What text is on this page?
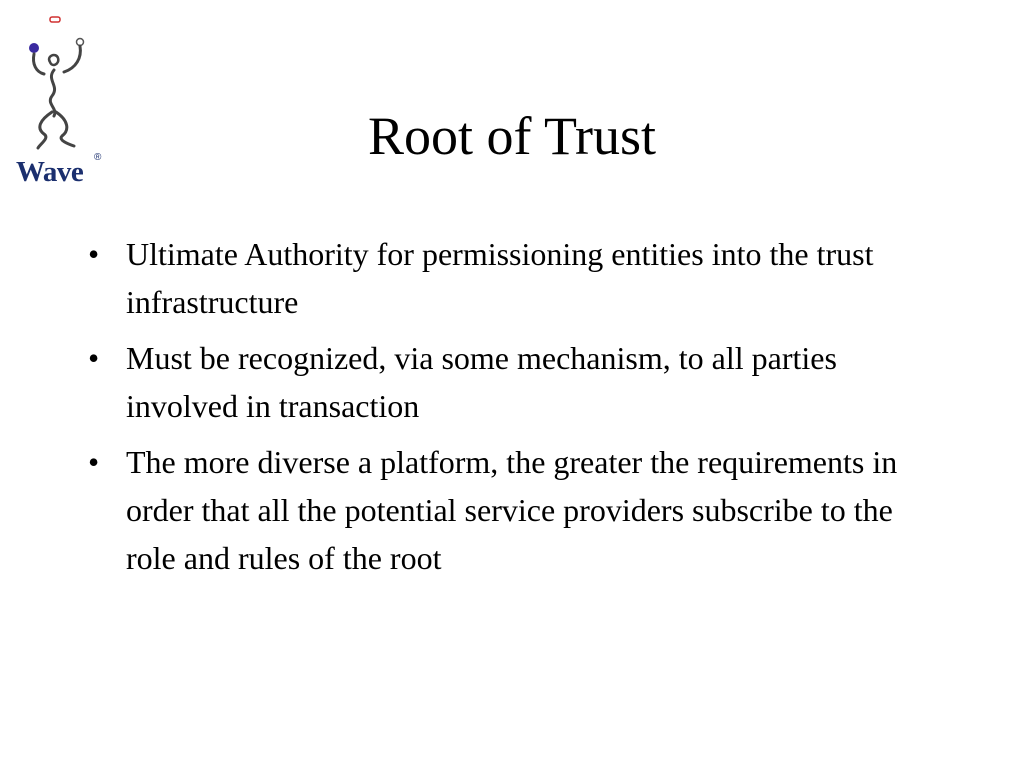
Wave ®	Root of Trust
• Ultimate Authority for permissioning entities into the trust infrastructure
• Must be recognized, via some mechanism, to all parties involved in transaction
• The more diverse a platform, the greater the requirements in order that all the potential service providers subscribe to the role and rules of the root
